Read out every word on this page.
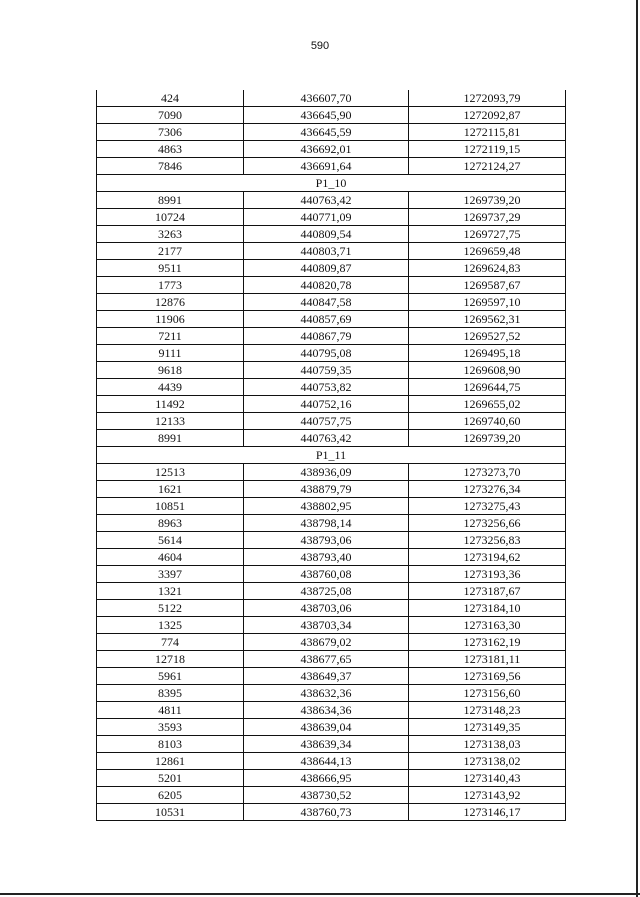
590
424	436607,70	1272093,79
7090	436645,90	1272092,87
7306	436645,59	1272115,81
4863	436692,01	1272119,15
7846	436691,64	1272124,27
P1_10		
8991	440763,42	1269739,20
10724	440771,09	1269737,29
3263	440809,54	1269727,75
2177	440803,71	1269659,48
9511	440809,87	1269624,83
1773	440820,78	1269587,67
12876	440847,58	1269597,10
11906	440857,69	1269562,31
7211	440867,79	1269527,52
9111	440795,08	1269495,18
9618	440759,35	1269608,90
4439	440753,82	1269644,75
11492	440752,16	1269655,02
12133	440757,75	1269740,60
8991	440763,42	1269739,20
P1_11		
12513	438936,09	1273273,70
1621	438879,79	1273276,34
10851	438802,95	1273275,43
8963	438798,14	1273256,66
5614	438793,06	1273256,83
4604	438793,40	1273194,62
3397	438760,08	1273193,36
1321	438725,08	1273187,67
5122	438703,06	1273184,10
1325	438703,34	1273163,30
774	438679,02	1273162,19
12718	438677,65	1273181,11
5961	438649,37	1273169,56
8395	438632,36	1273156,60
4811	438634,36	1273148,23
3593	438639,04	1273149,35
8103	438639,34	1273138,03
12861	438644,13	1273138,02
5201	438666,95	1273140,43
6205	438730,52	1273143,92
10531	438760,73	1273146,17
